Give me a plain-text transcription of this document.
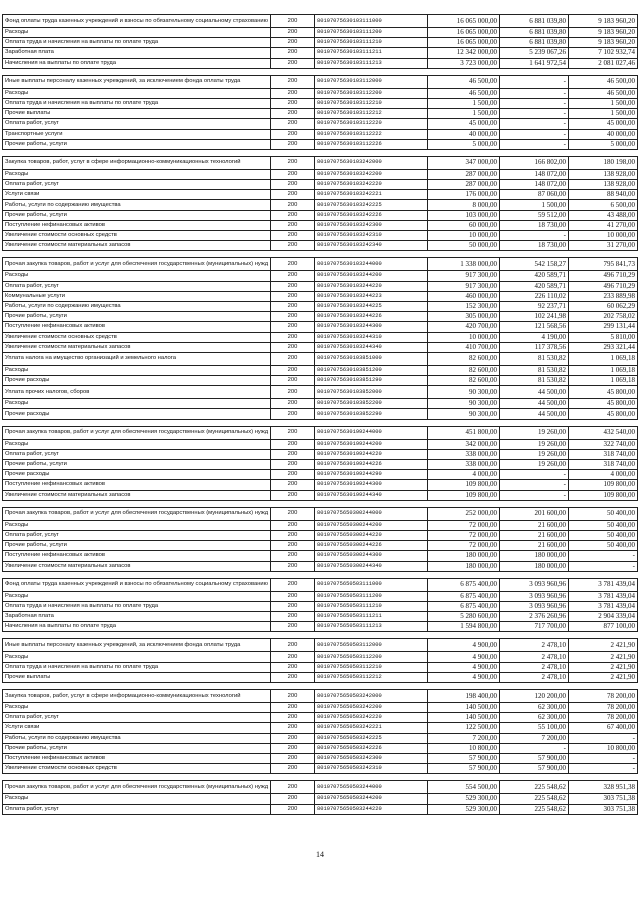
Фонд оплаты труда казенных учреждений и взносы по обязательному социальному страхованию	200	80107075630103111000	16 065 000,00	6 881 039,80	9 183 960,20
Расходы	200	80107075630103111200	16 065 000,00	6 881 039,80	9 183 960,20
Оплата труда и начисления на выплаты по оплате труда	200	80107075630103111210	16 065 000,00	6 881 039,80	9 183 960,20
Заработная плата	200	80107075630103111211	12 342 000,00	5 239 067,26	7 102 932,74
Начисления на выплаты по оплате труда	200	80107075630103111213	3 723 000,00	1 641 972,54	2 081 027,46

Иные выплаты персоналу казенных учреждений, за исключением фонда оплаты труда	200	80107075630103112000	46 500,00	-	46 500,00
Расходы	200	80107075630103112200	46 500,00	-	46 500,00
Оплата труда и начисления на выплаты по оплате труда	200	80107075630103112210	1 500,00	-	1 500,00
Прочие выплаты	200	80107075630103112212	1 500,00	-	1 500,00
Оплата работ, услуг	200	80107075630103112220	45 000,00	-	45 000,00
Транспортные услуги	200	80107075630103112222	40 000,00	-	40 000,00
Прочие работы, услуги	200	80107075630103112226	5 000,00	-	5 000,00

Закупка товаров, работ, услуг в сфере информационно-коммуникационных технологий	200	80107075630103242000	347 000,00	166 802,00	180 198,00
Расходы	200	80107075630103242200	287 000,00	148 072,00	138 928,00
Оплата работ, услуг	200	80107075630103242220	287 000,00	148 072,00	138 928,00
Услуги связи	200	80107075630103242221	176 000,00	87 060,00	88 940,00
Работы, услуги по содержанию имущества	200	80107075630103242225	8 000,00	1 500,00	6 500,00
Прочие работы, услуги	200	80107075630103242226	103 000,00	59 512,00	43 488,00
Поступление нефинансовых активов	200	80107075630103242300	60 000,00	18 730,00	41 270,00
Увеличение стоимости основных средств	200	80107075630103242310	10 000,00	-	10 000,00
Увеличение стоимости материальных запасов	200	80107075630103242340	50 000,00	18 730,00	31 270,00

Прочая закупка товаров, работ и услуг для обеспечения государственных (муниципальных) нужд	200	80107075630103244000	1 338 000,00	542 158,27	795 841,73
Расходы	200	80107075630103244200	917 300,00	420 589,71	496 710,29
Оплата работ, услуг	200	80107075630103244220	917 300,00	420 589,71	496 710,29
Коммунальные услуги	200	80107075630103244223	460 000,00	226 110,02	233 889,98
Работы, услуги по содержанию имущества	200	80107075630103244225	152 300,00	92 237,71	60 062,29
Прочие работы, услуги	200	80107075630103244226	305 000,00	102 241,98	202 758,02
Поступление нефинансовых активов	200	80107075630103244300	420 700,00	121 568,56	299 131,44
Увеличение стоимости основных средств	200	80107075630103244310	10 000,00	4 190,00	5 810,00
Увеличение стоимости материальных запасов	200	80107075630103244340	410 700,00	117 378,56	293 321,44
Уплата налога на имущество организаций и земельного налога	200	80107075630103851000	82 600,00	81 530,82	1 069,18
Расходы	200	80107075630103851200	82 600,00	81 530,82	1 069,18
Прочие расходы	200	80107075630103851290	82 600,00	81 530,82	1 069,18
Уплата прочих налогов, сборов	200	80107075630103852000	90 300,00	44 500,00	45 800,00
Расходы	200	80107075630103852200	90 300,00	44 500,00	45 800,00
Прочие расходы	200	80107075630103852290	90 300,00	44 500,00	45 800,00

Прочая закупка товаров, работ и услуг для обеспечения государственных (муниципальных) нужд	200	80107075630199244000	451 800,00	19 260,00	432 540,00
Расходы	200	80107075630199244200	342 000,00	19 260,00	322 740,00
Оплата работ, услуг	200	80107075630199244220	338 000,00	19 260,00	318 740,00
Прочие работы, услуги	200	80107075630199244226	338 000,00	19 260,00	318 740,00
Прочие расходы	200	80107075630199244290	4 000,00	-	4 000,00
Поступление нефинансовых активов	200	80107075630199244300	109 800,00	-	109 800,00
Увеличение стоимости материальных запасов	200	80107075630199244340	109 800,00	-	109 800,00

Прочая закупка товаров, работ и услуг для обеспечения государственных (муниципальных) нужд	200	80107075650300244000	252 000,00	201 600,00	50 400,00
Расходы	200	80107075650300244200	72 000,00	21 600,00	50 400,00
Оплата работ, услуг	200	80107075650300244220	72 000,00	21 600,00	50 400,00
Прочие работы, услуги	200	80107075650300244226	72 000,00	21 600,00	50 400,00
Поступление нефинансовых активов	200	80107075650300244300	180 000,00	180 000,00	-
Увеличение стоимости материальных запасов	200	80107075650300244340	180 000,00	180 000,00	-

Фонд оплаты труда казенных учреждений и взносы по обязательному социальному страхованию	200	80107075650503111000	6 875 400,00	3 093 960,96	3 781 439,04
Расходы	200	80107075650503111200	6 875 400,00	3 093 960,96	3 781 439,04
Оплата труда и начисления на выплаты по оплате труда	200	80107075650503111210	6 875 400,00	3 093 960,96	3 781 439,04
Заработная плата	200	80107075650503111211	5 280 600,00	2 376 260,96	2 904 339,04
Начисления на выплаты по оплате труда	200	80107075650503111213	1 594 800,00	717 700,00	877 100,00

Иные выплаты персоналу казенных учреждений, за исключением фонда оплаты труда	200	80107075650503112000	4 900,00	2 478,10	2 421,90
Расходы	200	80107075650503112200	4 900,00	2 478,10	2 421,90
Оплата труда и начисления на выплаты по оплате труда	200	80107075650503112210	4 900,00	2 478,10	2 421,90
Прочие выплаты	200	80107075650503112212	4 900,00	2 478,10	2 421,90

Закупка товаров, работ, услуг в сфере информационно-коммуникационных технологий	200	80107075650503242000	198 400,00	120 200,00	78 200,00
Расходы	200	80107075650503242200	140 500,00	62 300,00	78 200,00
Оплата работ, услуг	200	80107075650503242220	140 500,00	62 300,00	78 200,00
Услуги связи	200	80107075650503242221	122 500,00	55 100,00	67 400,00
Работы, услуги по содержанию имущества	200	80107075650503242225	7 200,00	7 200,00	-
Прочие работы, услуги	200	80107075650503242226	10 800,00	-	10 800,00
Поступление нефинансовых активов	200	80107075650503242300	57 900,00	57 900,00	-
Увеличение стоимости основных средств	200	80107075650503242310	57 900,00	57 900,00	-

Прочая закупка товаров, работ и услуг для обеспечения государственных (муниципальных) нужд	200	80107075650503244000	554 500,00	225 548,62	328 951,38
Расходы	200	80107075650503244200	529 300,00	225 548,62	303 751,38
Оплата работ, услуг	200	80107075650503244220	529 300,00	225 548,62	303 751,38
14
